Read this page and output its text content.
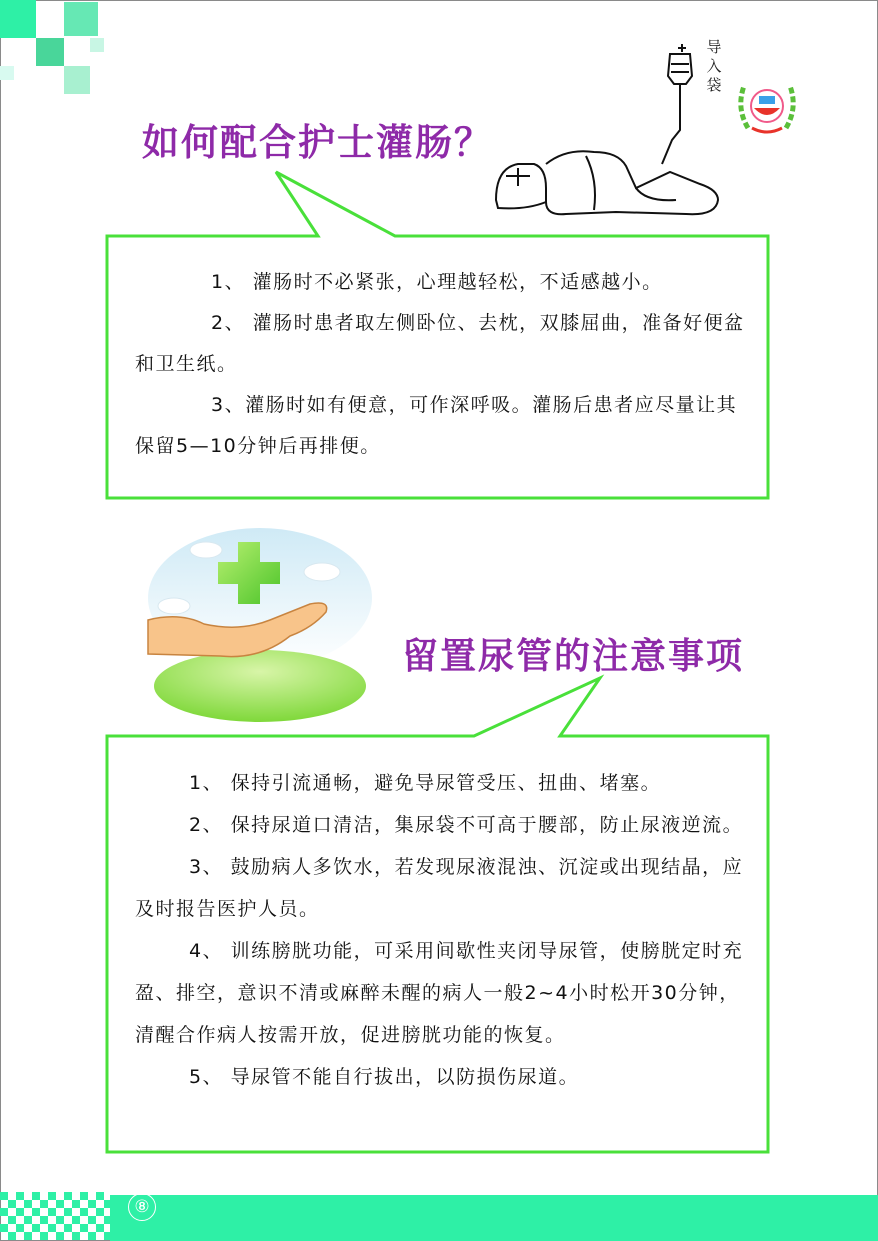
如何配合护士灌肠？
导
入
袋

1、 灌肠时不必紧张，心理越轻松，不适感越小。

2、 灌肠时患者取左侧卧位、去枕，双膝屈曲，准备好便盆和卫生纸。

3、灌肠时如有便意，可作深呼吸。灌肠后患者应尽量让其保留5—10分钟后再排便。

留置尿管的注意事项

1、 保持引流通畅，避免导尿管受压、扭曲、堵塞。

2、 保持尿道口清洁，集尿袋不可高于腰部，防止尿液逆流。

3、 鼓励病人多饮水，若发现尿液混浊、沉淀或出现结晶，应及时报告医护人员。

4、 训练膀胱功能，可采用间歇性夹闭导尿管，使膀胱定时充盈、排空，意识不清或麻醉未醒的病人一般2~4小时松开30分钟，清醒合作病人按需开放，促进膀胱功能的恢复。

5、 导尿管不能自行拔出，以防损伤尿道。

⑧
